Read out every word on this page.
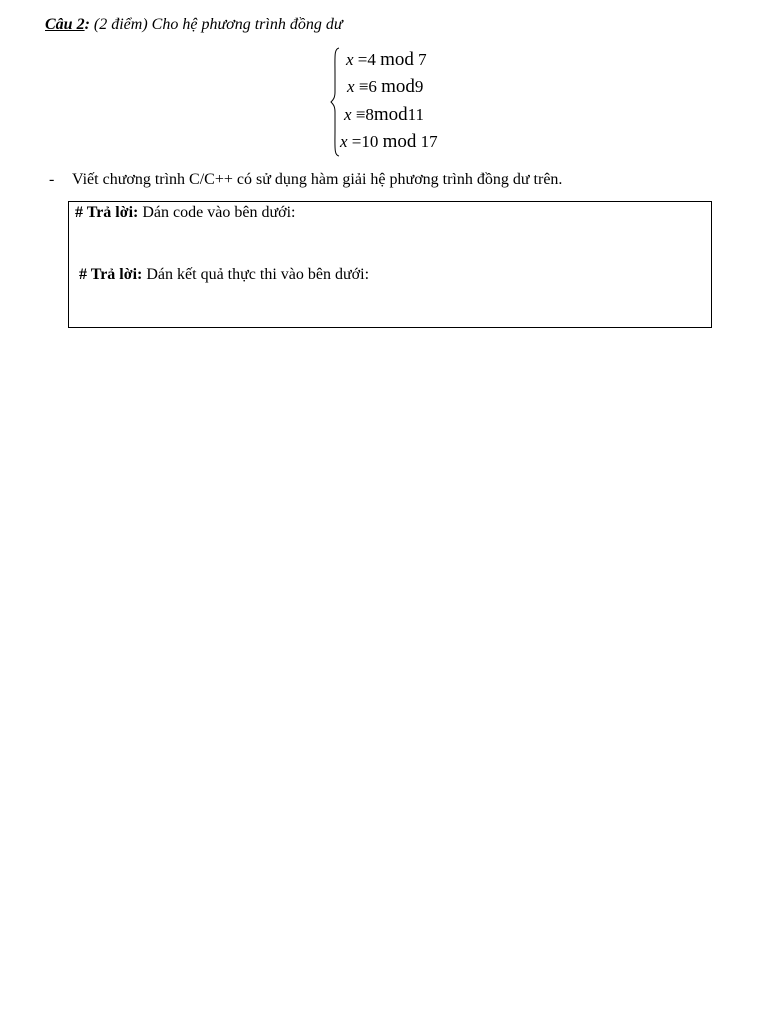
Câu 2: (2 điểm) Cho hệ phương trình đồng dư
x =4 mod 7
x ≡6 mod9
x ≡8mod11
x =10 mod 17
- Viết chương trình C/C++ có sử dụng hàm giải hệ phương trình đồng dư trên.
# Trả lời: Dán code vào bên dưới:
# Trả lời: Dán kết quả thực thi vào bên dưới:
